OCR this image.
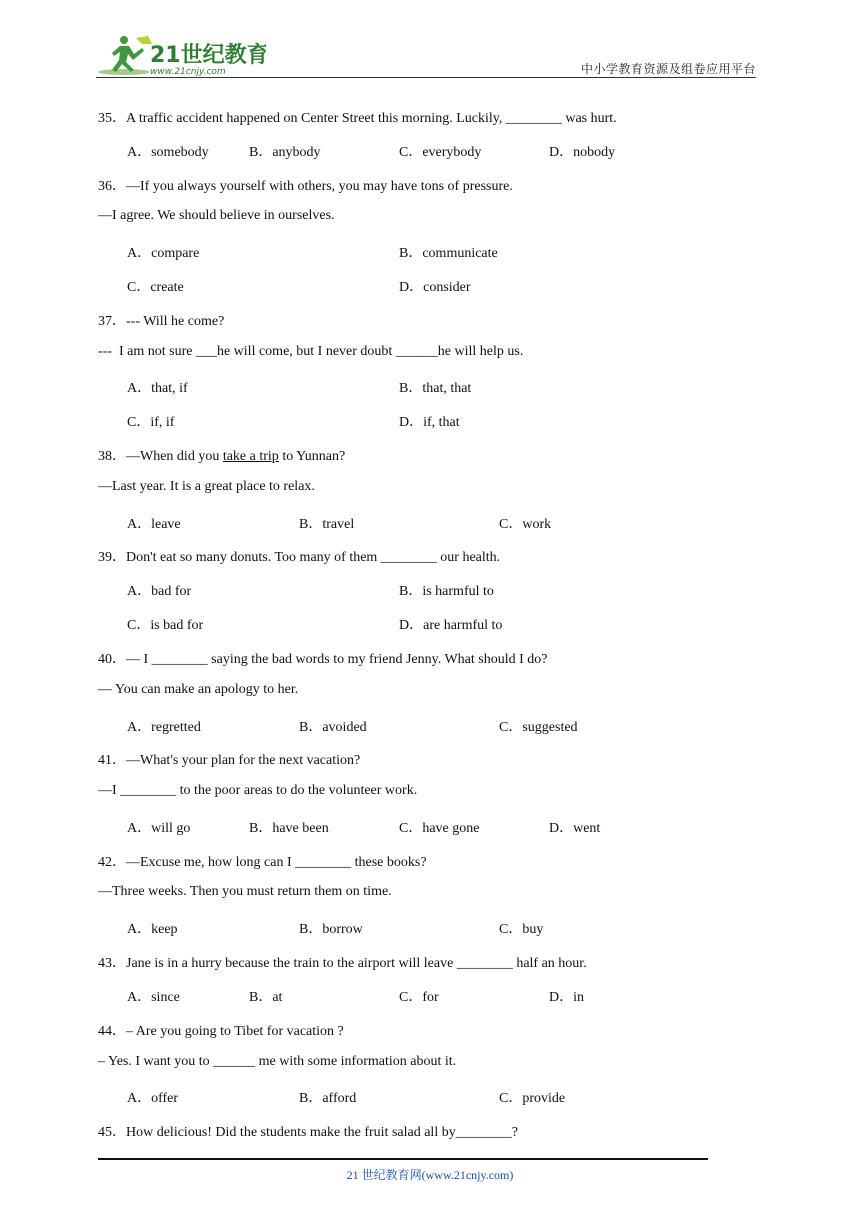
21世纪教育
www.21cnjy.com	中小学教育资源及组卷应用平台
35．A traffic accident happened on Center Street this morning. Luckily, ________ was hurt.
A．somebody	B．anybody	C．everybody	D．nobody
36．—If you always yourself with others, you may have tons of pressure.
—I agree. We should believe in ourselves.
A．compare	B．communicate
C．create	D．consider
37．--- Will he come?
---  I am not sure ___he will come, but I never doubt ______he will help us.
A．that, if	B．that, that
C．if, if	D．if, that
38．—When did you take a trip to Yunnan?
—Last year. It is a great place to relax.
A．leave	B．travel	C．work
39．Don't eat so many donuts. Too many of them ________ our health.
A．bad for	B．is harmful to
C．is bad for	D．are harmful to
40．— I ________ saying the bad words to my friend Jenny. What should I do?
— You can make an apology to her.
A．regretted	B．avoided	C．suggested
41．—What's your plan for the next vacation?
—I ________ to the poor areas to do the volunteer work.
A．will go	B．have been	C．have gone	D．went
42．―Excuse me, how long can I ________ these books?
―Three weeks. Then you must return them on time.
A．keep	B．borrow	C．buy
43．Jane is in a hurry because the train to the airport will leave ________ half an hour.
A．since	B．at	C．for	D．in
44．– Are you going to Tibet for vacation ?
– Yes. I want you to ______ me with some information about it.
A．offer	B．afford	C．provide
45．How delicious! Did the students make the fruit salad all by________?
21 世纪教育网(www.21cnjy.com)
